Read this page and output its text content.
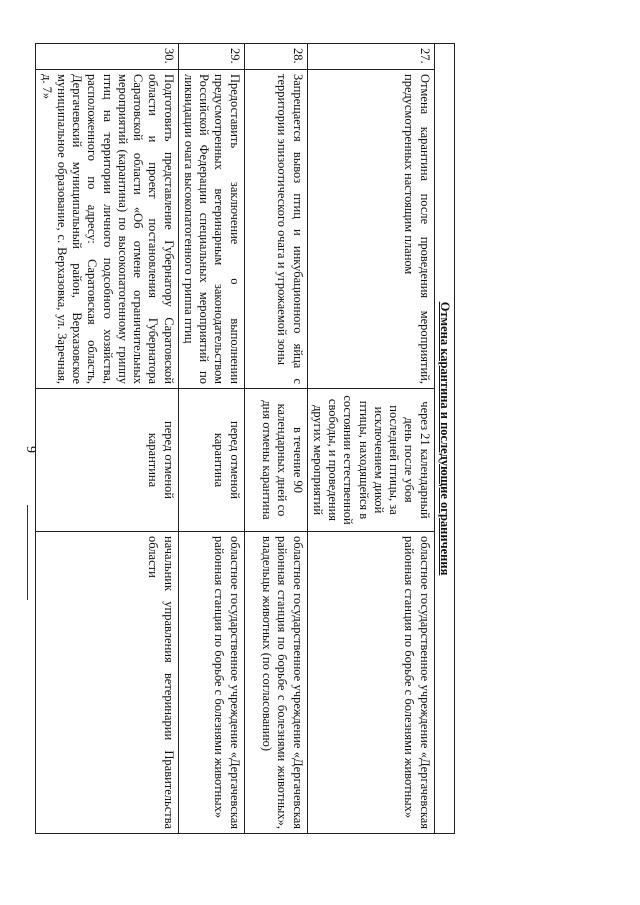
9	Отмена карантина и последующие ограничения			
27.	Отмена карантина после проведения мероприятий, предусмотренных настоящим планом	через 21 календарный день после убоя последней птицы, за исключением дикой птицы, находящейся в состоянии естественной свободы, и проведения других мероприятий	областное государственное учреждение «Дергачевская районная станция по борьбе с болезнями животных»
28.	Запрещается вывоз птиц и инкубационного яйца с территории эпизоотического очага и угрожаемой зоны	в течение 90 календарных дней со дня отмены карантина	областное государственное учреждение «Дергачевская районная станция по борьбе с болезнями животных», владельцы животных (по согласованию)
29.	Предоставить заключение о выполнении предусмотренных ветеринарным законодательством Российской Федерации специальных мероприятий по ликвидации очага высокопатогенного гриппа птиц	перед отменой карантина	областное государственное учреждение «Дергачевская районная станция по борьбе с болезнями животных»
30.	Подготовить представление Губернатору Саратовской области и проект постановления Губернатора Саратовской области «Об отмене ограничительных мероприятий (карантина) по высокопатогенному гриппу птиц на территории личного подсобного хозяйства, расположенного по адресу: Саратовская область, Дергачевский муниципальный район, Верхазовское муниципальное образование, с. Верхазовка, ул. Заречная, д. 7»	перед отменой карантина	начальник управления ветеринарии Правительства области
